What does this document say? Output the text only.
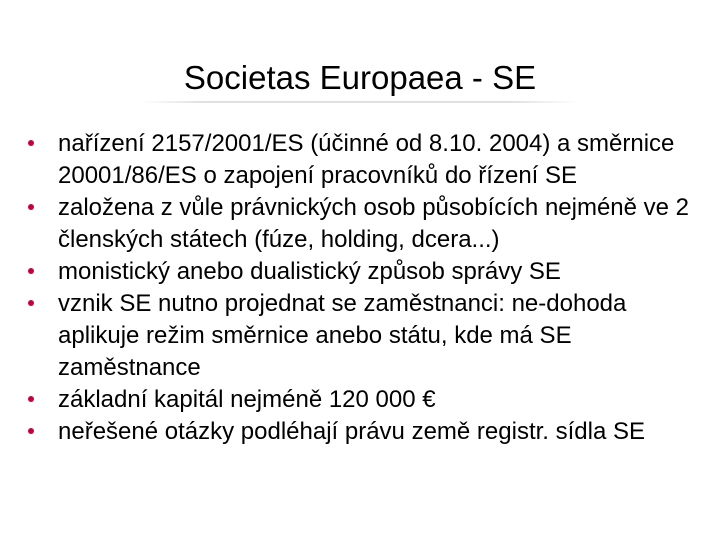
Societas Europaea - SE
nařízení 2157/2001/ES (účinné od 8.10. 2004) a směrnice 20001/86/ES o zapojení pracovníků do řízení SE
založena z vůle právnických osob působících nejméně ve 2 členských státech (fúze, holding, dcera...)
monistický anebo dualistický způsob správy SE
vznik SE nutno projednat se zaměstnanci: ne-dohoda aplikuje režim směrnice anebo státu, kde má SE zaměstnance
základní kapitál nejméně 120 000 €
neřešené otázky podléhají právu země registr. sídla SE
